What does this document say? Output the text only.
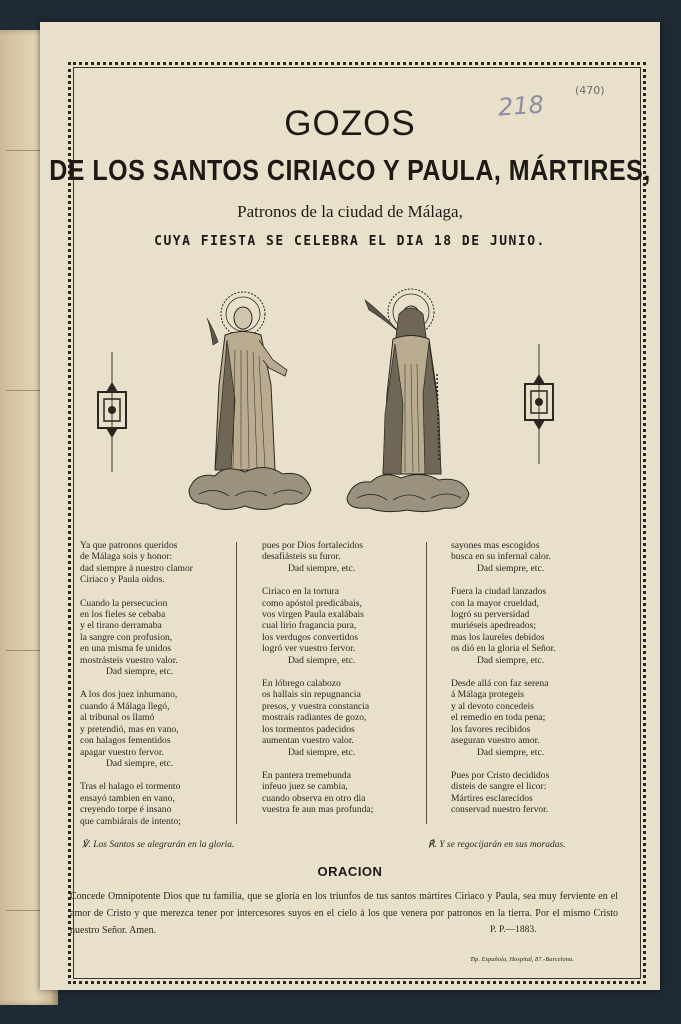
218	(470)
GOZOS
DE LOS SANTOS CIRIACO Y PAULA, MÁRTIRES,
Patronos de la ciudad de Málaga,
CUYA FIESTA SE CELEBRA EL DIA 18 DE JUNIO.
Ya que patronos queridos
de Málaga sois y honor:
dad siempre á nuestro clamor
Ciriaco y Paula oidos.
Cuando la persecucion
en los fieles se cebaba
y el tirano derramaba
la sangre con profusion,
en una misma fe unidos
mostrásteis vuestro valor.
Dad siempre, etc.
A los dos juez inhumano,
cuando á Málaga llegó,
al tribunal os llamó
y pretendió, mas en vano,
con halagos fementidos
apagar vuestro fervor.
Dad siempre, etc.
Tras el halago el tormento
ensayó tambien en vano,
creyendo torpe é insano
que cambiárais de intento;
pues por Dios fortalecidos
desafiásteis su furor.
Dad siempre, etc.
Ciriaco en la tortura
como apóstol predicábais,
vos virgen Paula exalábais
cual lirio fragancia pura,
los verdugos convertidos
logró ver vuestro fervor.
Dad siempre, etc.
En lóbrego calabozo
os hallais sin repugnancia
presos, y vuestra constancia
mostrais radiantes de gozo,
los tormentos padecidos
aumentan vuestro valor.
Dad siempre, etc.
En pantera tremebunda
infeuo juez se cambia,
cuando observa en otro dia
vuestra fe aun mas profunda;
sayones mas escogidos
busca en su infernal calor.
Dad siempre, etc.
Fuera la ciudad lanzados
con la mayor crueldad,
logró su perversidad
muriéseis apedreados;
mas los laureles debidos
os dió en la gloria el Señor.
Dad siempre, etc.
Desde allá con faz serena
á Málaga protegeis
y al devoto concedeis
el remedio en toda pena;
los favores recibidos
aseguran vuestro amor.
Dad siempre, etc.
Pues por Cristo decididos
disteis de sangre el licor:
Mártires esclarecidos
conservad nuestro fervor.
℣. Los Santos se alegrarán en la gloria.	℟. Y se regocijarán en sus moradas.
ORACION
Concede Omnipotente Dios que tu familia, que se gloría en los triunfos de tus santos mártires Ciriaco y Paula, sea muy ferviente en el amor de Cristo y que merezca tener por intercesores suyos en el cielo á los que venera por patronos en la tierra. Por el mismo Cristo nuestro Señor. Amen.	P. P.—1883.
Tip. Española, Hospital, 87.-Barcelona.
